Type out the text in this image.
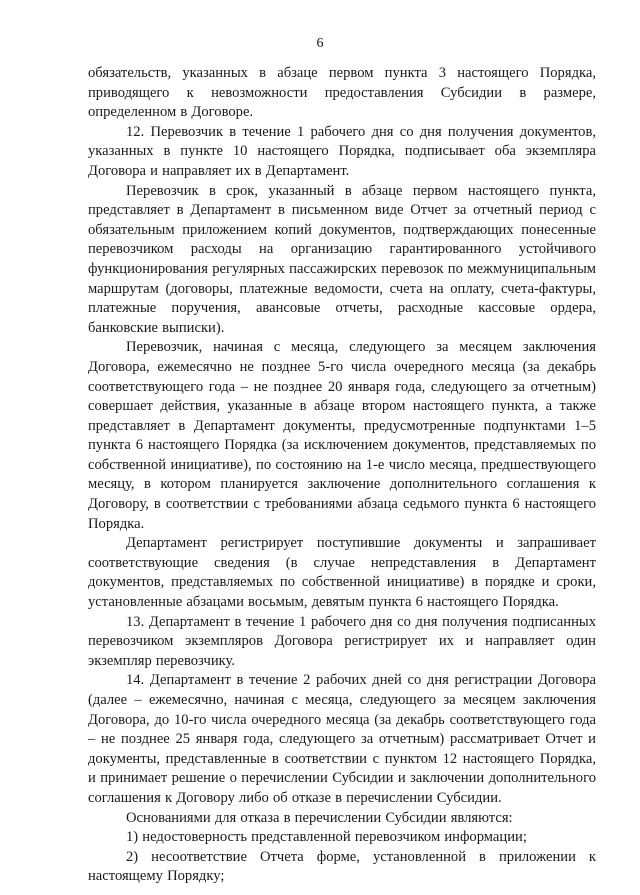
6

обязательств, указанных в абзаце первом пункта 3 настоящего Порядка, приводящего к невозможности предоставления Субсидии в размере, определенном в Договоре.

12. Перевозчик в течение 1 рабочего дня со дня получения документов, указанных в пункте 10 настоящего Порядка, подписывает оба экземпляра Договора и направляет их в Департамент.

Перевозчик в срок, указанный в абзаце первом настоящего пункта, представляет в Департамент в письменном виде Отчет за отчетный период с обязательным приложением копий документов, подтверждающих понесенные перевозчиком расходы на организацию гарантированного устойчивого функционирования регулярных пассажирских перевозок по межмуниципальным маршрутам (договоры, платежные ведомости, счета на оплату, счета-фактуры, платежные поручения, авансовые отчеты, расходные кассовые ордера, банковские выписки).

Перевозчик, начиная с месяца, следующего за месяцем заключения Договора, ежемесячно не позднее 5-го числа очередного месяца (за декабрь соответствующего года – не позднее 20 января года, следующего за отчетным) совершает действия, указанные в абзаце втором настоящего пункта, а также представляет в Департамент документы, предусмотренные подпунктами 1–5 пункта 6 настоящего Порядка (за исключением документов, представляемых по собственной инициативе), по состоянию на 1-е число месяца, предшествующего месяцу, в котором планируется заключение дополнительного соглашения к Договору, в соответствии с требованиями абзаца седьмого пункта 6 настоящего Порядка.

Департамент регистрирует поступившие документы и запрашивает соответствующие сведения (в случае непредставления в Департамент документов, представляемых по собственной инициативе) в порядке и сроки, установленные абзацами восьмым, девятым пункта 6 настоящего Порядка.

13. Департамент в течение 1 рабочего дня со дня получения подписанных перевозчиком экземпляров Договора регистрирует их и направляет один экземпляр перевозчику.

14. Департамент в течение 2 рабочих дней со дня регистрации Договора (далее – ежемесячно, начиная с месяца, следующего за месяцем заключения Договора, до 10-го числа очередного месяца (за декабрь соответствующего года – не позднее 25 января года, следующего за отчетным) рассматривает Отчет и документы, представленные в соответствии с пунктом 12 настоящего Порядка, и принимает решение о перечислении Субсидии и заключении дополнительного соглашения к Договору либо об отказе в перечислении Субсидии.

Основаниями для отказа в перечислении Субсидии являются:

1) недостоверность представленной перевозчиком информации;

2) несоответствие Отчета форме, установленной в приложении к настоящему Порядку;
